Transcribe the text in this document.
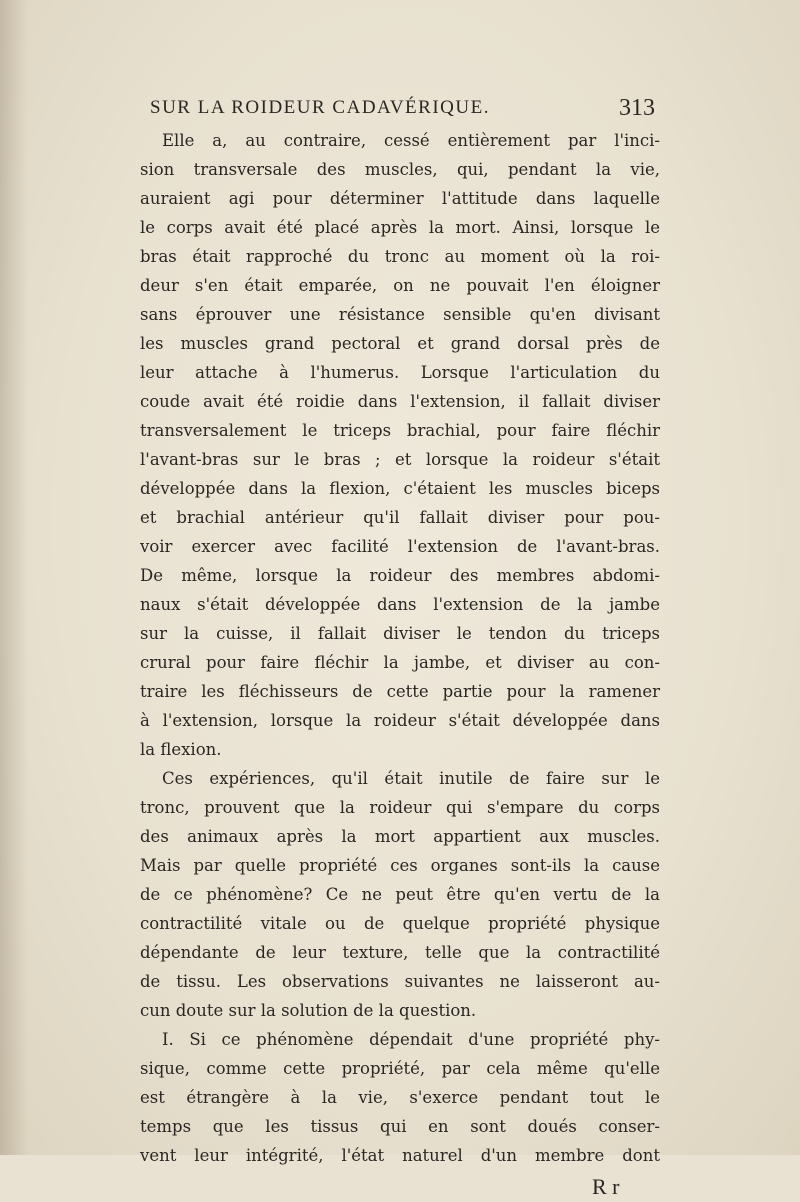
SUR LA ROIDEUR CADAVÉRIQUE.	313
Elle a, au contraire, cessé entièrement par l'inci-
sion transversale des muscles, qui, pendant la vie,
auraient agi pour déterminer l'attitude dans laquelle
le corps avait été placé après la mort. Ainsi, lorsque le
bras était rapproché du tronc au moment où la roi-
deur s'en était emparée, on ne pouvait l'en éloigner
sans éprouver une résistance sensible qu'en divisant
les muscles grand pectoral et grand dorsal près de
leur attache à l'humerus. Lorsque l'articulation du
coude avait été roidie dans l'extension, il fallait diviser
transversalement le triceps brachial, pour faire fléchir
l'avant-bras sur le bras ; et lorsque la roideur s'était
développée dans la flexion, c'étaient les muscles biceps
et brachial antérieur qu'il fallait diviser pour pou-
voir exercer avec facilité l'extension de l'avant-bras.
De même, lorsque la roideur des membres abdomi-
naux s'était développée dans l'extension de la jambe
sur la cuisse, il fallait diviser le tendon du triceps
crural pour faire fléchir la jambe, et diviser au con-
traire les fléchisseurs de cette partie pour la ramener
à l'extension, lorsque la roideur s'était développée dans
la flexion.
Ces expériences, qu'il était inutile de faire sur le
tronc, prouvent que la roideur qui s'empare du corps
des animaux après la mort appartient aux muscles.
Mais par quelle propriété ces organes sont-ils la cause
de ce phénomène? Ce ne peut être qu'en vertu de la
contractilité vitale ou de quelque propriété physique
dépendante de leur texture, telle que la contractilité
de tissu. Les observations suivantes ne laisseront au-
cun doute sur la solution de la question.
I. Si ce phénomène dépendait d'une propriété phy-
sique, comme cette propriété, par cela même qu'elle
est étrangère à la vie, s'exerce pendant tout le
temps que les tissus qui en sont doués conser-
vent leur intégrité, l'état naturel d'un membre dont
R r
